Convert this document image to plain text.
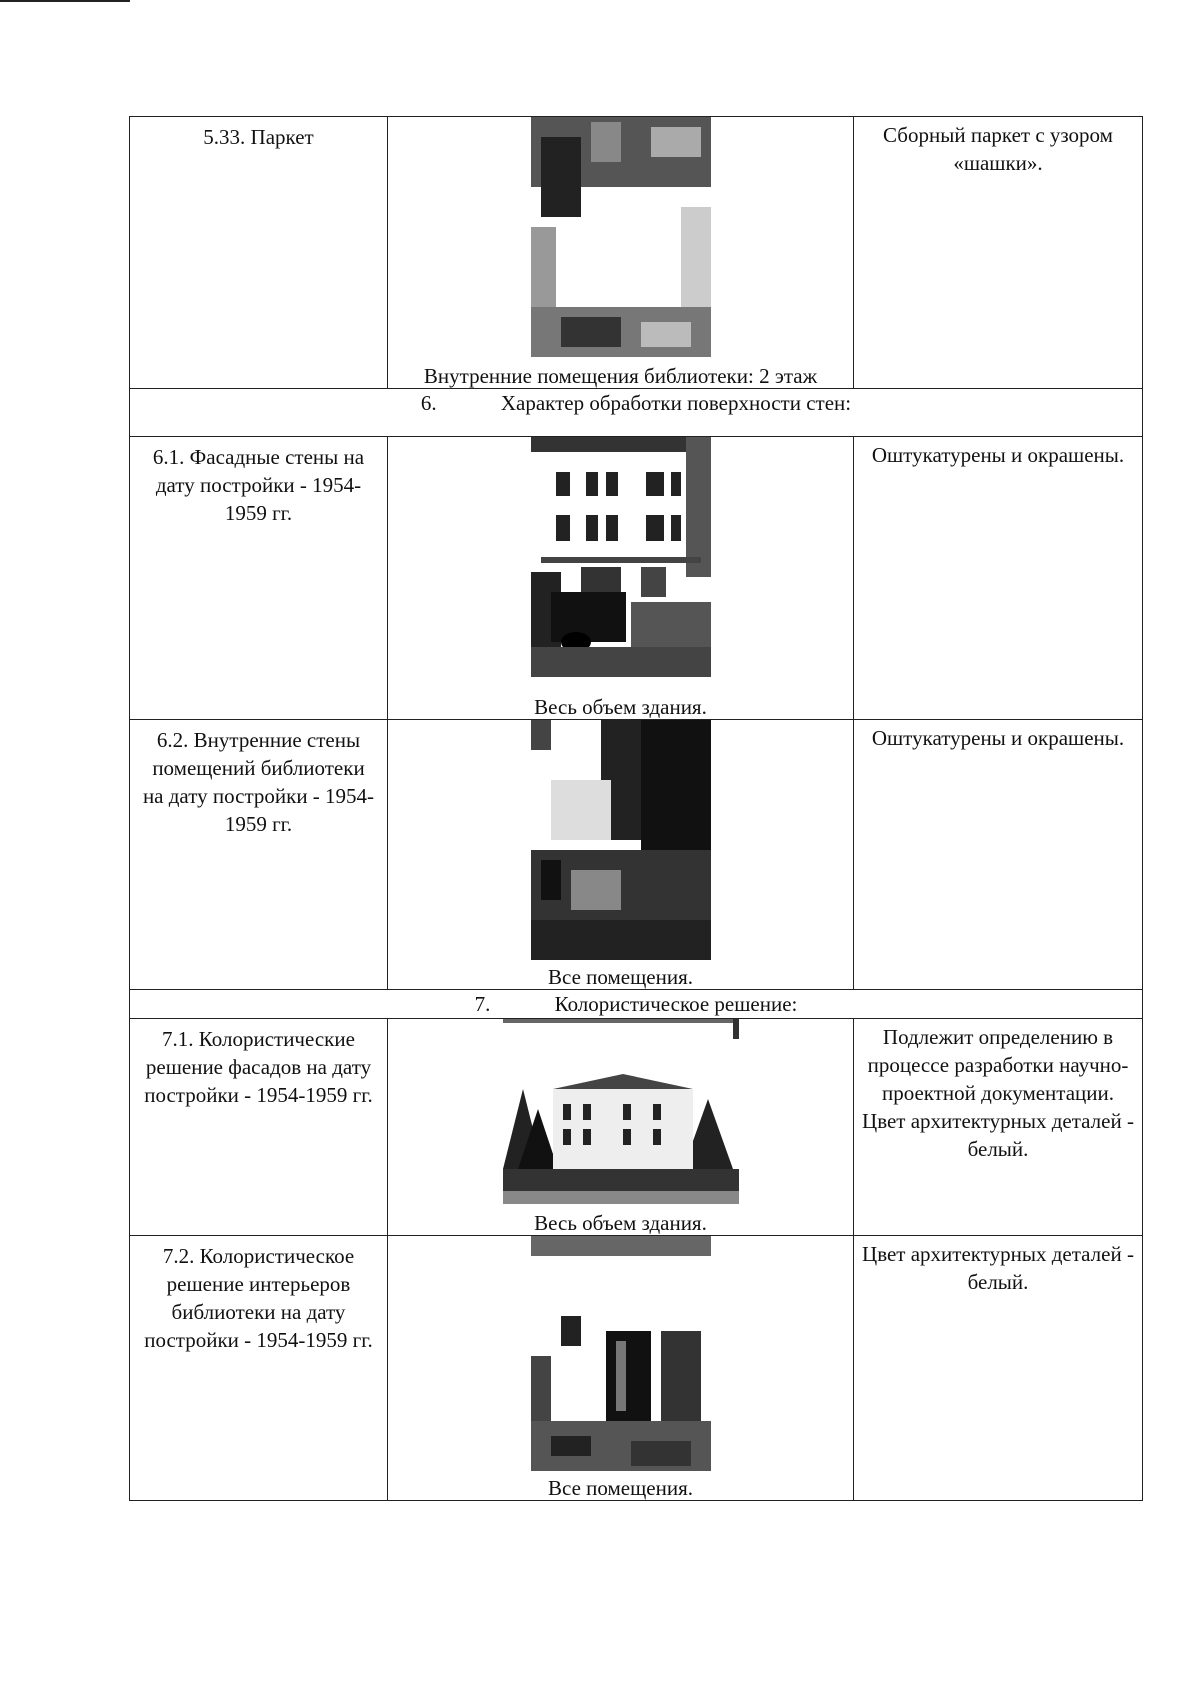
5.33. Паркет	Внутренние помещения библиотеки: 2 этаж	Сборный паркет с узором «шашки».

6. Характер обработки поверхности стен:		

6.1. Фасадные стены на дату постройки - 1954-1959 гг.	Весь объем здания.	Оштукатурены и окрашены.

6.2. Внутренние стены помещений библиотеки на дату постройки - 1954-1959 гг.	Все помещения.	Оштукатурены и окрашены.

7. Колористическое решение:		

7.1. Колористические решение фасадов на дату постройки - 1954-1959 гг.	Весь объем здания.	Подлежит определению в процессе разработки научно-проектной документации. Цвет архитектурных деталей - белый.

7.2. Колористическое решение интерьеров библиотеки на дату постройки - 1954-1959 гг.	Все помещения.	Цвет архитектурных деталей - белый.
